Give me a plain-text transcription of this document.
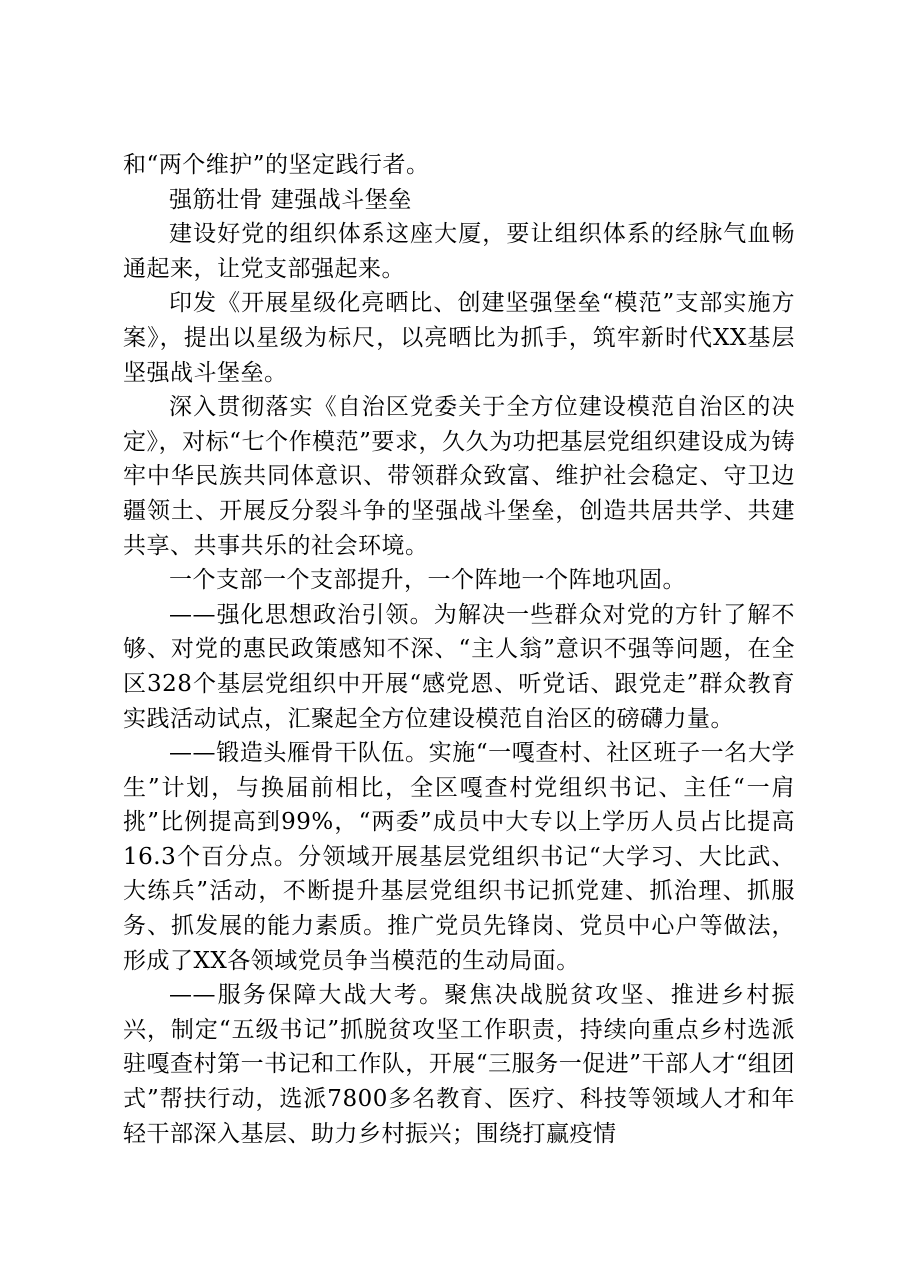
和“两个维护”的坚定践行者。

强筋壮骨 建强战斗堡垒

建设好党的组织体系这座大厦，要让组织体系的经脉气血畅通起来，让党支部强起来。

印发《开展星级化亮晒比、创建坚强堡垒“模范”支部实施方案》，提出以星级为标尺，以亮晒比为抓手，筑牢新时代XX基层坚强战斗堡垒。

深入贯彻落实《自治区党委关于全方位建设模范自治区的决定》，对标“七个作模范”要求，久久为功把基层党组织建设成为铸牢中华民族共同体意识、带领群众致富、维护社会稳定、守卫边疆领土、开展反分裂斗争的坚强战斗堡垒，创造共居共学、共建共享、共事共乐的社会环境。

一个支部一个支部提升，一个阵地一个阵地巩固。

——强化思想政治引领。为解决一些群众对党的方针了解不够、对党的惠民政策感知不深、“主人翁”意识不强等问题，在全区328个基层党组织中开展“感党恩、听党话、跟党走”群众教育实践活动试点，汇聚起全方位建设模范自治区的磅礴力量。

——锻造头雁骨干队伍。实施“一嘎查村、社区班子一名大学生”计划，与换届前相比，全区嘎查村党组织书记、主任“一肩挑”比例提高到99%，“两委”成员中大专以上学历人员占比提高16.3个百分点。分领域开展基层党组织书记“大学习、大比武、大练兵”活动，不断提升基层党组织书记抓党建、抓治理、抓服务、抓发展的能力素质。推广党员先锋岗、党员中心户等做法，形成了XX各领域党员争当模范的生动局面。

——服务保障大战大考。聚焦决战脱贫攻坚、推进乡村振兴，制定“五级书记”抓脱贫攻坚工作职责，持续向重点乡村选派驻嘎查村第一书记和工作队，开展“三服务一促进”干部人才“组团式”帮扶行动，选派7800多名教育、医疗、科技等领域人才和年轻干部深入基层、助力乡村振兴；围绕打赢疫情
